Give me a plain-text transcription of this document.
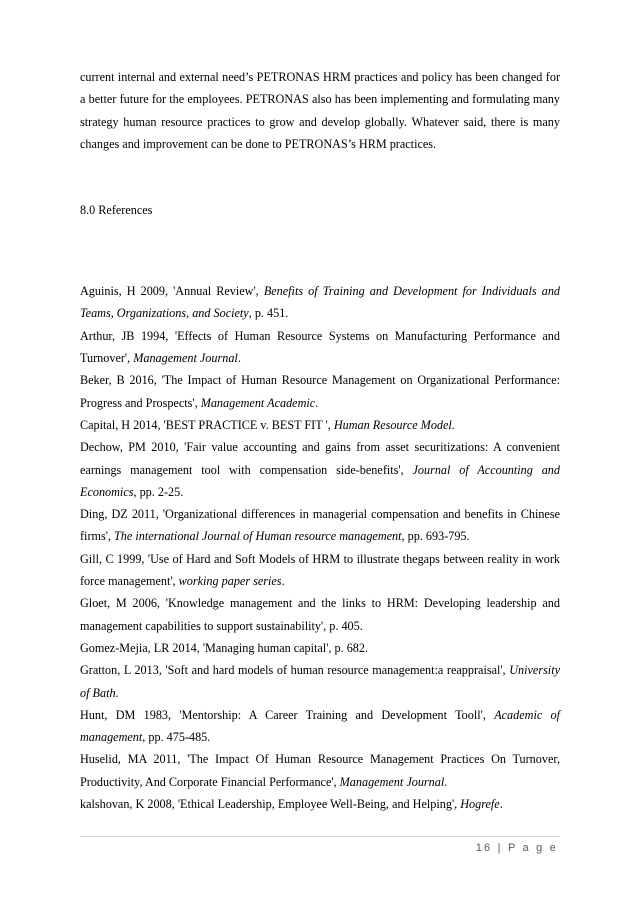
current internal and external need’s PETRONAS HRM practices and policy has been changed for a better future for the employees. PETRONAS also has been implementing and formulating many strategy human resource practices to grow and develop globally. Whatever said, there is many changes and improvement can be done to PETRONAS’s HRM practices.

8.0 References

Aguinis, H 2009, 'Annual Review', Benefits of Training and Development for Individuals and Teams, Organizations, and Society, p. 451.

Arthur, JB 1994, 'Effects of Human Resource Systems on Manufacturing Performance and Turnover', Management Journal.

Beker, B 2016, 'The Impact of Human Resource Management on Organizational Performance: Progress and Prospects', Management Academic.

Capital, H 2014, 'BEST PRACTICE v. BEST FIT ', Human Resource Model.

Dechow, PM 2010, 'Fair value accounting and gains from asset securitizations: A convenient earnings management tool with compensation side-benefits', Journal of Accounting and Economics, pp. 2-25.

Ding, DZ 2011, 'Organizational differences in managerial compensation and benefits in Chinese firms', The international Journal of Human resource management, pp. 693-795.

Gill, C 1999, 'Use of Hard and Soft Models of HRM to illustrate thegaps between reality in work force management', working paper series.

Gloet, M 2006, 'Knowledge management and the links to HRM: Developing leadership and management capabilities to support sustainability', p. 405.

Gomez-Mejia, LR 2014, 'Managing human capital', p. 682.

Gratton, L 2013, 'Soft and hard models of human resource management:a reappraisal', University of Bath.

Hunt, DM 1983, 'Mentorship: A Career Training and Development Tooll', Academic of management, pp. 475-485.

Huselid, MA 2011, 'The Impact Of Human Resource Management Practices On Turnover, Productivity, And Corporate Financial Performance', Management Journal.

kalshovan, K 2008, 'Ethical Leadership, Employee Well-Being, and Helping', Hogrefe.

16 | P a g e
